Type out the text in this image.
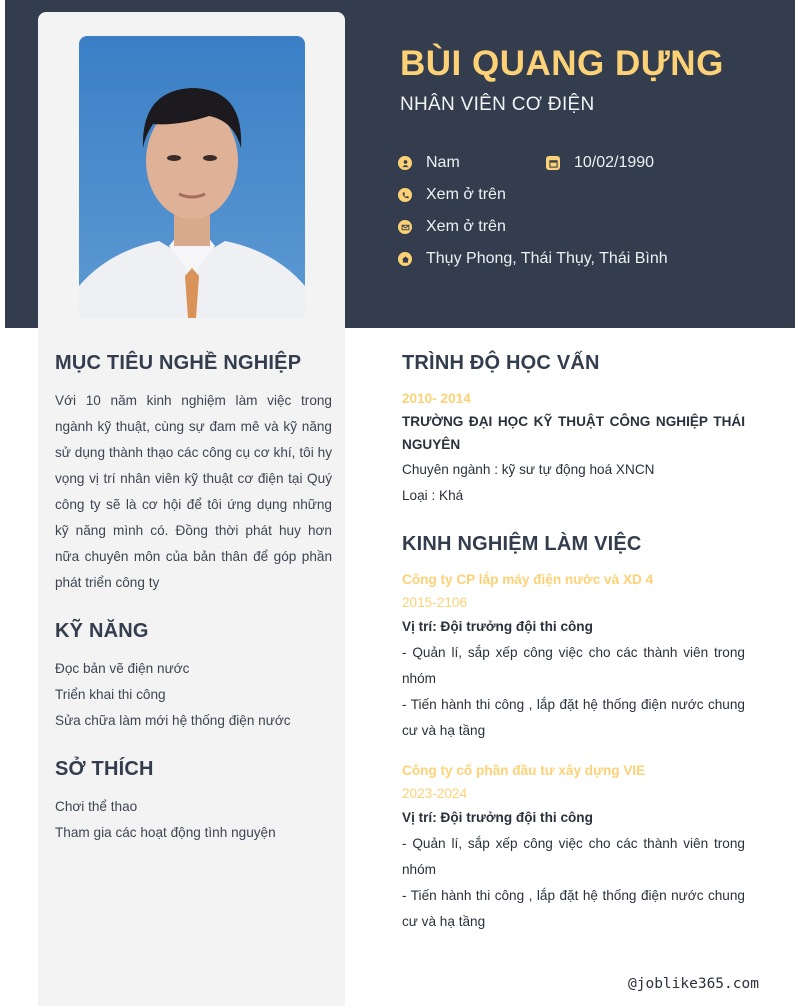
BÙI QUANG DỰNG
NHÂN VIÊN CƠ ĐIỆN
Nam	10/02/1990
Xem ở trên
Xem ở trên
Thụy Phong, Thái Thụy, Thái Bình
MỤC TIÊU NGHỀ NGHIỆP

Với 10 năm kinh nghiệm làm việc trong ngành kỹ thuật, cùng sự đam mê và kỹ năng sử dụng thành thạo các công cụ cơ khí, tôi hy vọng vị trí nhân viên kỹ thuật cơ điện tại Quý công ty sẽ là cơ hội để tôi ứng dụng những kỹ năng mình có. Đồng thời phát huy hơn nữa chuyên môn của bản thân để góp phần phát triển công ty

KỸ NĂNG
Đọc bản vẽ điện nước
Triển khai thi công
Sửa chữa làm mới hệ thống điện nước
SỞ THÍCH
Chơi thể thao
Tham gia các hoạt động tình nguyện
TRÌNH ĐỘ HỌC VẤN
2010- 2014
TRƯỜNG ĐẠI HỌC KỸ THUẬT CÔNG NGHIỆP THÁI NGUYÊN
Chuyên ngành : kỹ sư tự động hoá XNCN
Loại : Khá
KINH NGHIỆM LÀM VIỆC
Công ty CP lắp máy điện nước và XD 4
2015-2106
Vị trí: Đội trưởng đội thi công
- Quản lí, sắp xếp công việc cho các thành viên trong nhóm
- Tiến hành thi công , lắp đặt hệ thống điện nước chung cư và hạ tầng
Công ty cổ phần đầu tư xây dựng VIE
2023-2024
Vị trí: Đội trưởng đội thi công
- Quản lí, sắp xếp công việc cho các thành viên trong nhóm
- Tiến hành thi công , lắp đặt hệ thống điện nước chung cư và hạ tầng
@joblike365.com
